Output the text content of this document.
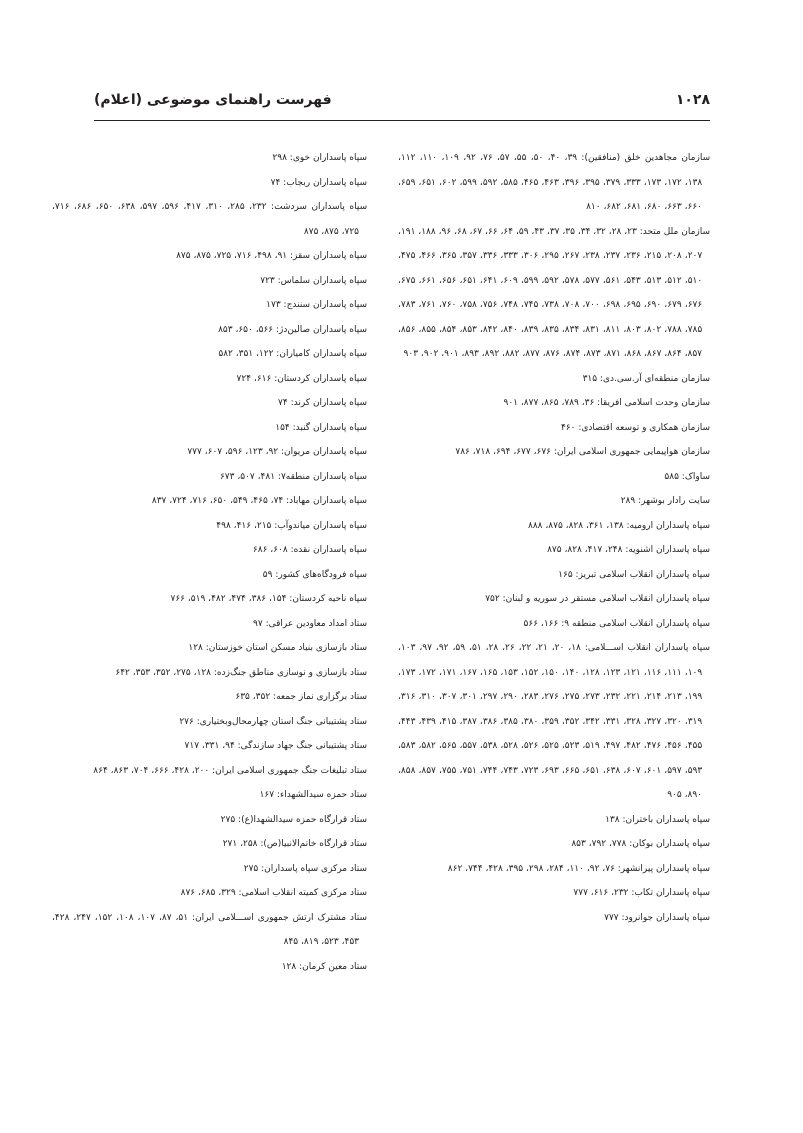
۱۰۲۸
فهرست راهنمای موضوعی (اعلام)
سازمان مجاهدین خلق (منافقین): ۳۹، ۴۰، ۵۰، ۵۵، ۵۷، ۷۶، ۹۲، ۱۰۹، ۱۱۰، ۱۱۲، ۱۳۸، ۱۷۲، ۱۷۳، ۳۳۳، ۳۷۹، ۳۹۵، ۳۹۶، ۴۶۳، ۴۶۵، ۵۸۵، ۵۹۲، ۵۹۹، ۶۰۲، ۶۵۱، ۶۵۹، ۶۶۰، ۶۶۳، ۶۸۰، ۶۸۱، ۶۸۲، ۸۱۰
سازمان ملل متحد: ۲۳، ۲۸، ۳۲، ۳۴، ۳۵، ۳۷، ۴۳، ۵۹، ۶۴، ۶۶، ۶۷، ۶۸، ۹۶، ۱۸۸، ۱۹۱، ۲۰۷، ۲۰۸، ۲۱۵، ۲۳۶، ۲۳۷، ۲۳۸، ۲۶۷، ۲۹۵، ۳۰۶، ۳۳۳، ۳۳۶، ۳۵۷، ۳۶۵، ۴۶۶، ۴۷۵، ۵۱۰، ۵۱۲، ۵۱۳، ۵۴۳، ۵۶۱، ۵۷۷، ۵۷۸، ۵۹۲، ۵۹۹، ۶۰۹، ۶۴۱، ۶۵۱، ۶۵۶، ۶۶۱، ۶۷۵، ۶۷۶، ۶۷۹، ۶۹۰، ۶۹۵، ۶۹۸، ۷۰۰، ۷۰۸، ۷۳۸، ۷۴۵، ۷۴۸، ۷۵۶، ۷۵۸، ۷۶۰، ۷۶۱، ۷۸۳، ۷۸۵، ۷۸۸، ۸۰۲، ۸۰۳، ۸۱۱، ۸۳۱، ۸۳۴، ۸۳۵، ۸۳۹، ۸۴۰، ۸۴۲، ۸۵۳، ۸۵۴، ۸۵۵، ۸۵۶، ۸۵۷، ۸۶۴، ۸۶۷، ۸۶۸، ۸۷۱، ۸۷۳، ۸۷۴، ۸۷۶، ۸۷۷، ۸۸۲، ۸۹۲، ۸۹۳، ۹۰۱، ۹۰۲، ۹۰۳
سازمان منطقه‌ای آر.سی.دی: ۳۱۵
سازمان وحدت اسلامی افریقا: ۳۶، ۷۸۹، ۸۶۵، ۸۷۷، ۹۰۱
سازمان همکاری و توسعه اقتصادی: ۴۶۰
سازمان هواپیمایی جمهوری اسلامی ایران: ۶۷۶، ۶۷۷، ۶۹۴، ۷۱۸، ۷۸۶
ساواک: ۵۸۵
سایت رادار بوشهر: ۲۸۹
سپاه پاسداران ارومیه: ۱۳۸، ۳۶۱، ۸۲۸، ۸۷۵، ۸۸۸
سپاه پاسداران اشنویه: ۲۴۸، ۴۱۷، ۸۲۸، ۸۷۵
سپاه پاسداران انقلاب اسلامی تبریز: ۱۶۵
سپاه پاسداران انقلاب اسلامی مستقر در سوریه و لبنان: ۷۵۲
سپاه پاسداران انقلاب اسلامی منطقه ۹: ۱۶۶، ۵۶۶
سپاه پاسداران انقلاب اســـلامی: ۱۸، ۲۰، ۲۱، ۲۲، ۲۶، ۲۸، ۵۱، ۵۹، ۹۲، ۹۷، ۱۰۳، ۱۰۹، ۱۱۱، ۱۱۶، ۱۲۱، ۱۲۳، ۱۲۸، ۱۴۰، ۱۵۰، ۱۵۲، ۱۵۳، ۱۶۵، ۱۶۷، ۱۷۱، ۱۷۲، ۱۷۳، ۱۹۹، ۲۱۳، ۲۱۴، ۲۲۱، ۲۳۲، ۲۷۳، ۲۷۵، ۲۷۶، ۲۸۳، ۲۹۰، ۲۹۷، ۳۰۱، ۳۰۷، ۳۱۰، ۳۱۶، ۳۱۹، ۳۲۰، ۳۲۷، ۳۲۸، ۳۳۱، ۳۴۲، ۳۵۲، ۳۵۹، ۳۸۰، ۳۸۵، ۳۸۶، ۳۸۷، ۴۱۵، ۴۳۹، ۴۴۳، ۴۵۵، ۴۵۶، ۴۷۶، ۴۸۲، ۴۹۷، ۵۱۹، ۵۲۳، ۵۲۵، ۵۲۶، ۵۲۸، ۵۳۸، ۵۵۷، ۵۶۵، ۵۸۲، ۵۸۳، ۵۹۳، ۵۹۷، ۶۰۱، ۶۰۷، ۶۳۸، ۶۵۱، ۶۶۵، ۶۹۳، ۷۲۳، ۷۴۳، ۷۴۴، ۷۵۱، ۷۵۵، ۸۵۷، ۸۵۸، ۸۹۰، ۹۰۵
سپاه پاسداران باختران: ۱۳۸
سپاه پاسداران بوکان: ۷۷۸، ۷۹۲، ۸۵۳
سپاه پاسداران پیرانشهر: ۷۶، ۹۲، ۱۱۰، ۲۸۴، ۲۹۸، ۳۹۵، ۴۲۸، ۷۴۴، ۸۶۲
سپاه پاسداران تکاب: ۲۳۲، ۶۱۶، ۷۷۷
سپاه پاسداران جوانرود: ۷۷۷
سپاه پاسداران خوی: ۲۹۸
سپاه پاسداران ربجاب: ۷۴
سپاه پاسداران سردشت: ۲۳۲، ۲۸۵، ۳۱۰، ۴۱۷، ۵۹۶، ۵۹۷، ۶۳۸، ۶۵۰، ۶۸۶، ۷۱۶، ۷۲۵، ۸۷۵، ۸۷۵
سپاه پاسداران سقز: ۹۱، ۴۹۸، ۷۱۶، ۷۲۵، ۸۷۵، ۸۷۵
سپاه پاسداران سلماس: ۷۲۳
سپاه پاسداران سنندج: ۱۷۳
سپاه پاسداران صالین‌دژ: ۵۶۶، ۶۵۰، ۸۵۳
سپاه پاسداران کامیاران: ۱۲۲، ۳۵۱، ۵۸۲
سپاه پاسداران کردستان: ۶۱۶، ۷۲۴
سپاه پاسداران کرند: ۷۴
سپاه پاسداران گنبد: ۱۵۴
سپاه پاسداران مریوان: ۹۲، ۱۲۳، ۵۹۶، ۶۰۷، ۷۷۷
سپاه پاسداران منطقه۷: ۴۸۱، ۵۰۷، ۶۷۳
سپاه پاسداران مهاباد: ۷۴، ۴۶۵، ۵۴۹، ۶۵۰، ۷۱۶، ۷۲۴، ۸۳۷
سپاه پاسداران میاندوآب: ۲۱۵، ۴۱۶، ۴۹۸
سپاه پاسداران نقده: ۶۰۸، ۶۸۶
سپاه فرودگاه‌های کشور: ۵۹
سپاه ناحیه کردستان: ۱۵۴، ۳۸۶، ۴۷۴، ۴۸۲، ۵۱۹، ۷۶۶
ستاد امداد معاودین عراقی: ۹۷
ستاد بازسازی بنیاد مسکن استان خوزستان: ۱۲۸
ستاد بازسازی و نوسازی مناطق جنگ‌زده: ۱۲۸، ۲۷۵، ۳۵۲، ۳۵۳، ۶۴۲
ستاد برگزاری نماز جمعه: ۳۵۲، ۶۳۵
ستاد پشتیبانی جنگ استان چهارمحال‌وبختیاری: ۲۷۶
ستاد پشتیبانی جنگ جهاد سازندگی: ۹۴، ۳۳۱، ۷۱۷
ستاد تبلیغات جنگ جمهوری اسلامی ایران: ۲۰۰، ۴۲۸، ۶۶۶، ۷۰۴، ۸۶۳، ۸۶۴
ستاد حمزه سیدالشهداء: ۱۶۷
ستاد قرارگاه حمزه سیدالشهدا(ع): ۲۷۵
ستاد قرارگاه خاتم‌الانبیا(ص): ۲۵۸، ۲۷۱
ستاد مرکزی سپاه پاسداران: ۲۷۵
ستاد مرکزی کمیته انقلاب اسلامی: ۳۲۹، ۶۸۵، ۸۷۶
ستاد مشترک ارتش جمهوری اســـلامی ایران: ۵۱، ۸۷، ۱۰۷، ۱۰۸، ۱۵۲، ۲۴۷، ۴۲۸، ۴۵۳، ۵۲۳، ۸۱۹، ۸۴۵
ستاد معین کرمان: ۱۲۸
